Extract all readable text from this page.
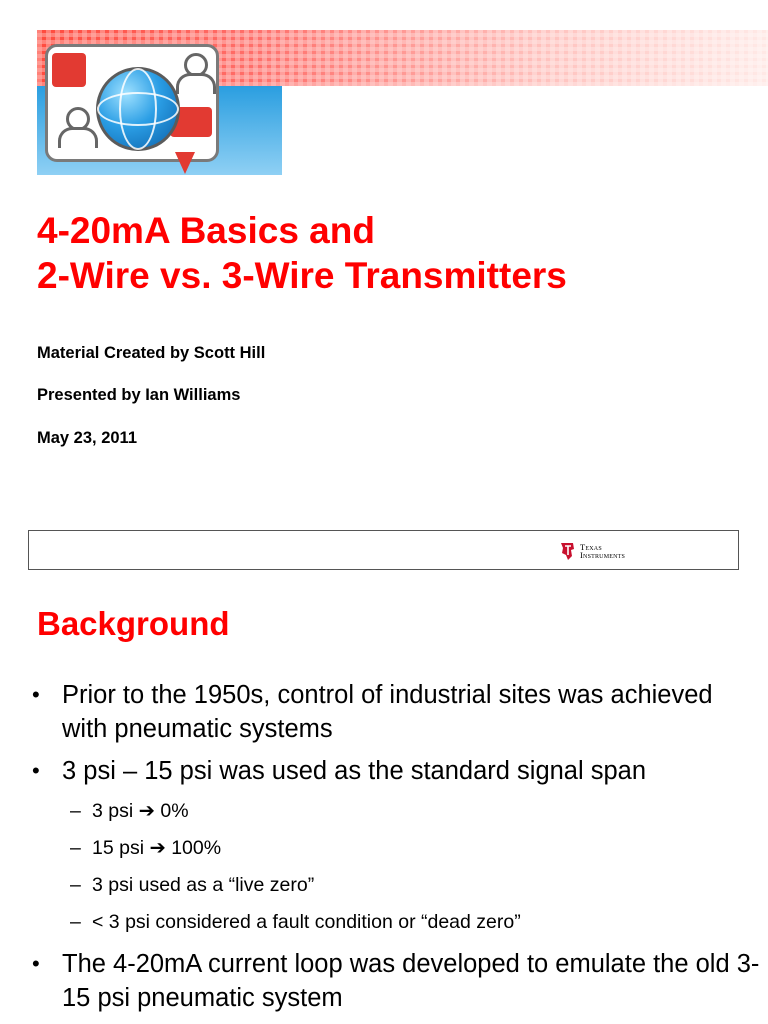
4-20mA Basics and
2-Wire vs. 3-Wire Transmitters

Material Created by Scott Hill

Presented by Ian Williams

May 23, 2011

Texas
Instruments
Background
• Prior to the 1950s, control of industrial sites was achieved with pneumatic systems
• 3 psi – 15 psi was used as the standard signal span
– 3 psi ➔ 0%
– 15 psi ➔ 100%
– 3 psi used as a “live zero”
– < 3 psi considered a fault condition or “dead zero”
• The 4-20mA current loop was developed to emulate the old 3-15 psi pneumatic system
